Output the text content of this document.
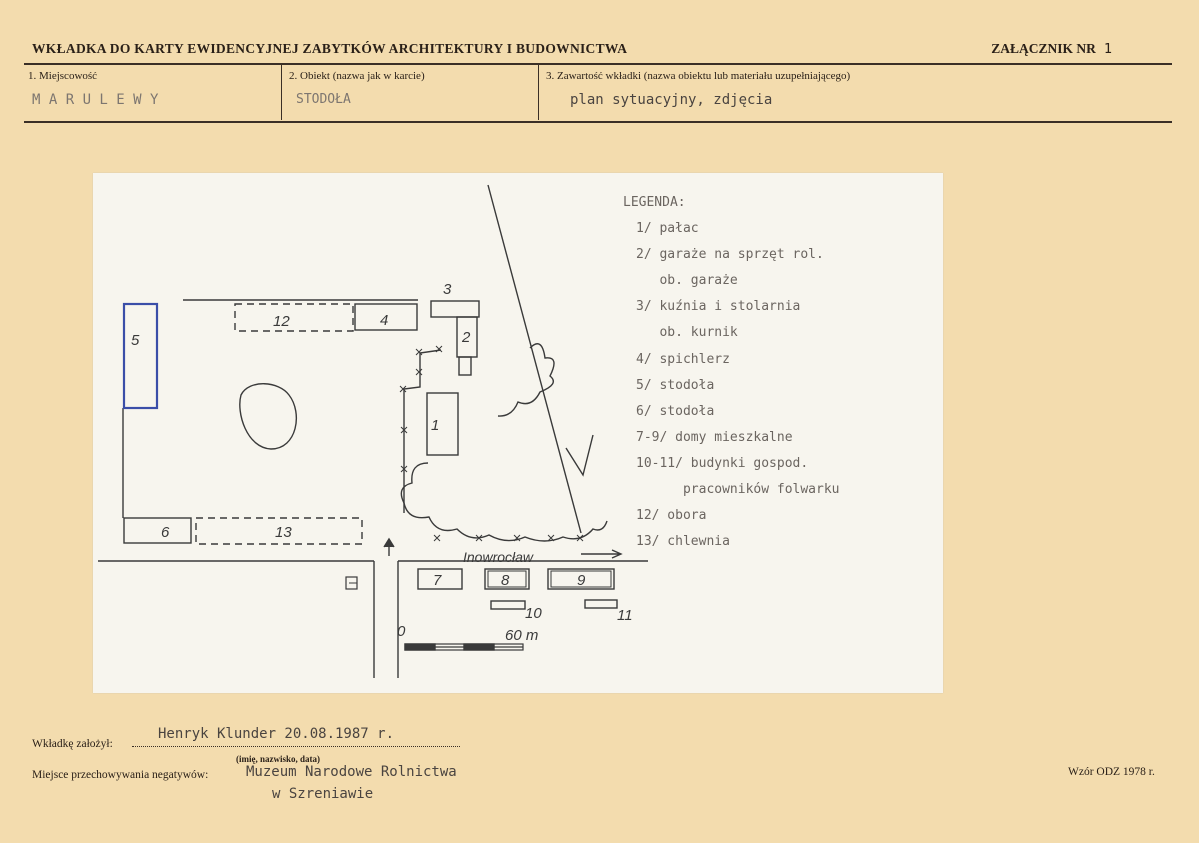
WKŁADKA DO KARTY EWIDENCYJNEJ ZABYTKÓW ARCHITEKTURY I BUDOWNICTWA	ZAŁĄCZNIK NR 1
1. Miejscowość
M A R U L E W Y
2. Obiekt (nazwa jak w karcie)
STODOŁA
3. Zawartość wkładki (nazwa obiektu lub materiału uzupełniającego)
plan sytuacyjny, zdjęcia
5
12	4
3
2
1
6	13
7	8	9
10	11
Inowrocław
0	60 m
LEGENDA:
1/ pałac
2/ garaże na sprzęt rol.
ob. garaże
3/ kuźnia i stolarnia
ob. kurnik
4/ spichlerz
5/ stodoła
6/ stodoła
7-9/ domy mieszkalne
10-11/ budynki gospod.
pracowników folwarku
12/ obora
13/ chlewnia
Wkładkę założył:
Henryk Klunder 20.08.1987 r.
(imię, nazwisko, data)
Miejsce przechowywania negatywów:	Muzeum Narodowe Rolnictwa
w Szreniawie
Wzór ODZ 1978 r.
